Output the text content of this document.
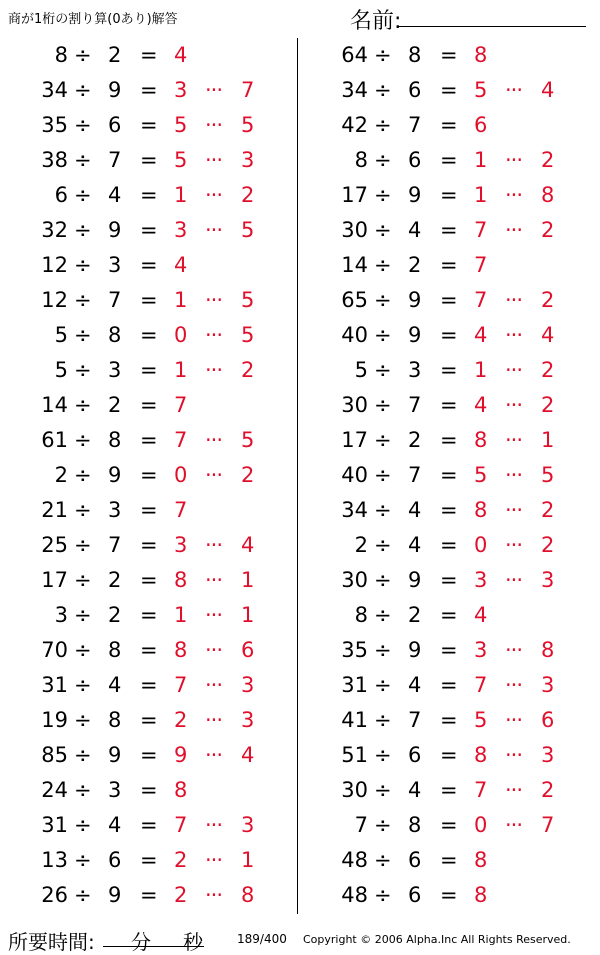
商が1桁の割り算(0あり)解答	名前:
8 ÷ 2 = 4
34 ÷ 9 = 3 ··· 7
35 ÷ 6 = 5 ··· 5
38 ÷ 7 = 5 ··· 3
6 ÷ 4 = 1 ··· 2
32 ÷ 9 = 3 ··· 5
12 ÷ 3 = 4
12 ÷ 7 = 1 ··· 5
5 ÷ 8 = 0 ··· 5
5 ÷ 3 = 1 ··· 2
14 ÷ 2 = 7
61 ÷ 8 = 7 ··· 5
2 ÷ 9 = 0 ··· 2
21 ÷ 3 = 7
25 ÷ 7 = 3 ··· 4
17 ÷ 2 = 8 ··· 1
3 ÷ 2 = 1 ··· 1
70 ÷ 8 = 8 ··· 6
31 ÷ 4 = 7 ··· 3
19 ÷ 8 = 2 ··· 3
85 ÷ 9 = 9 ··· 4
24 ÷ 3 = 8
31 ÷ 4 = 7 ··· 3
13 ÷ 6 = 2 ··· 1
26 ÷ 9 = 2 ··· 8
64 ÷ 8 = 8
34 ÷ 6 = 5 ··· 4
42 ÷ 7 = 6
8 ÷ 6 = 1 ··· 2
17 ÷ 9 = 1 ··· 8
30 ÷ 4 = 7 ··· 2
14 ÷ 2 = 7
65 ÷ 9 = 7 ··· 2
40 ÷ 9 = 4 ··· 4
5 ÷ 3 = 1 ··· 2
30 ÷ 7 = 4 ··· 2
17 ÷ 2 = 8 ··· 1
40 ÷ 7 = 5 ··· 5
34 ÷ 4 = 8 ··· 2
2 ÷ 4 = 0 ··· 2
30 ÷ 9 = 3 ··· 3
8 ÷ 2 = 4
35 ÷ 9 = 3 ··· 8
31 ÷ 4 = 7 ··· 3
41 ÷ 7 = 5 ··· 6
51 ÷ 6 = 8 ··· 3
30 ÷ 4 = 7 ··· 2
7 ÷ 8 = 0 ··· 7
48 ÷ 6 = 8
48 ÷ 6 = 8
所要時間: 分 秒	189/400 Copyright © 2006 Alpha.Inc All Rights Reserved.
